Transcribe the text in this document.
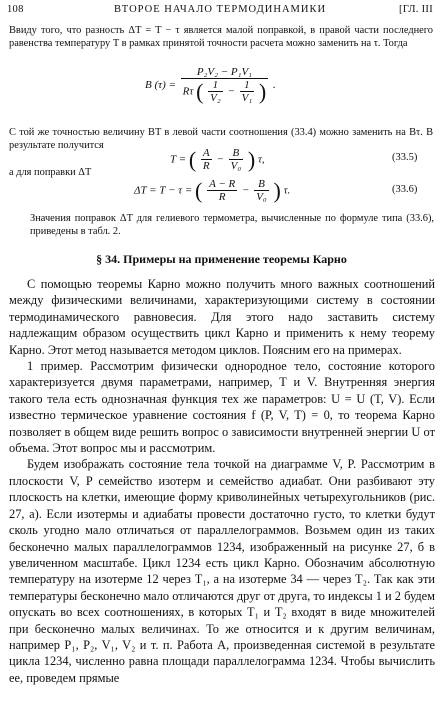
108	ВТОРОЕ НАЧАЛО ТЕРМОДИНАМИКИ	[ГЛ. III

Ввиду того, что разность ΔT = T − τ является малой поправкой, в правой части последнего равенства температуру T в рамках принятой точности расчета можно заменить на τ. Тогда

B (τ) =
P₂V₂ − P₁V₁
Rτ ( $\frac{1}{\text{V₂}} - \frac{1}{\text{V₁}}$ ) .

С той же точностью величину BT в левой части соотношения (33.4) можно заменить на Bτ. В результате получится

T = ( $\frac{A}{R} - \frac{B}{\text{V₀}}$ ) τ,	(33.5)

а для поправки ΔT

ΔT = T − τ = ( $\frac{A - R}{R} - \frac{B}{\text{V₀}}$ ) τ.	(33.6)

Значения поправок ΔT для гелиевого термометра, вычисленные по формуле типа (33.6), приведены в табл. 2.

§ 34. Примеры на применение теоремы Карно

С помощью теоремы Карно можно получить много важных соотношений между физическими величинами, характеризующими систему в состоянии термодинамического равновесия. Для этого надо заставить систему надлежащим образом осуществить цикл Карно и применить к нему теорему Карно. Этот метод называется методом циклов. Поясним его на примерах.

1 пример. Рассмотрим физически однородное тело, состояние которого характеризуется двумя параметрами, например, T и V. Внутренняя энергия такого тела есть однозначная функция тех же параметров: U = U (T, V). Если известно термическое уравнение состояния f (P, V, T) = 0, то теорема Карно позволяет в общем виде решить вопрос о зависимости внутренней энергии U от объема. Этот вопрос мы и рассмотрим.

Будем изображать состояние тела точкой на диаграмме V, P. Рассмотрим в плоскости V, P семейство изотерм и семейство адиабат. Они разбивают эту плоскость на клетки, имеющие форму криволинейных четырехугольников (рис. 27, а). Если изотермы и адиабаты провести достаточно густо, то клетки будут сколь угодно мало отличаться от параллелограммов. Возьмем один из таких бесконечно малых параллелограммов 1234, изображенный на рисунке 27, б в увеличенном масштабе. Цикл 1234 есть цикл Карно. Обозначим абсолютную температуру на изотерме 12 через T₁, а на изотерме 34 — через T₂. Так как эти температуры бесконечно мало отличаются друг от друга, то индексы 1 и 2 будем опускать во всех соотношениях, в которых T₁ и T₂ входят в виде множителей при бесконечно малых величинах. То же относится и к другим величинам, например P₁, P₂, V₁, V₂ и т. п. Работа A, произведенная системой в результате цикла 1234, численно равна площади параллелограмма 1234. Чтобы вычислить ее, проведем прямые
